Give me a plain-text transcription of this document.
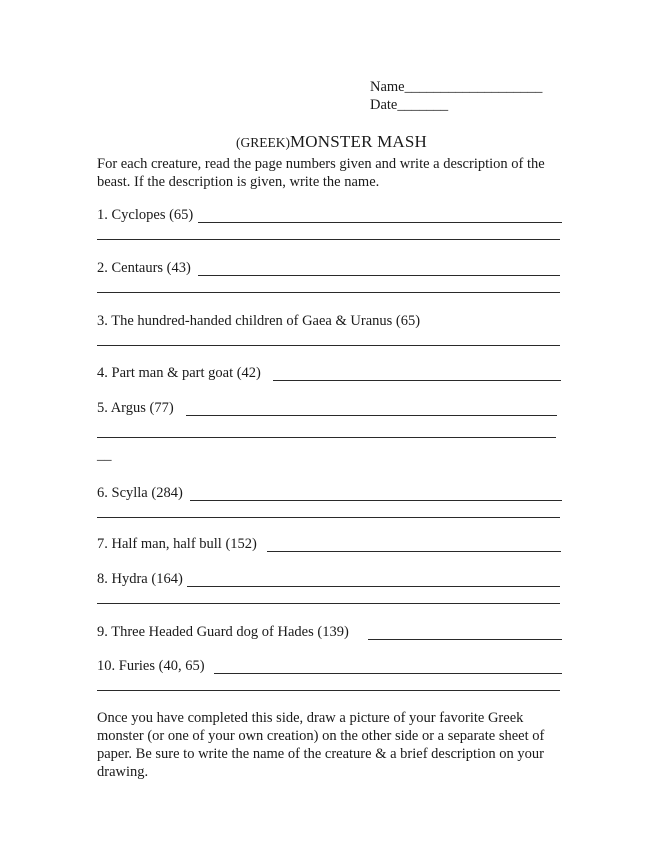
Name___________________
Date_______
(GREEK)MONSTER MASH
For each creature, read the page numbers given and write a description of the beast. If the description is given, write the name.
1. Cyclopes (65)
2. Centaurs (43)
3. The hundred-handed children of Gaea & Uranus (65)
4. Part man & part goat (42)
5. Argus (77)
__
6. Scylla (284)
7. Half man, half bull (152)
8. Hydra (164)
9. Three Headed Guard dog of Hades (139)
10. Furies (40, 65)
Once you have completed this side, draw a picture of your favorite Greek monster (or one of your own creation) on the other side or a separate sheet of paper. Be sure to write the name of the creature & a brief description on your drawing.
